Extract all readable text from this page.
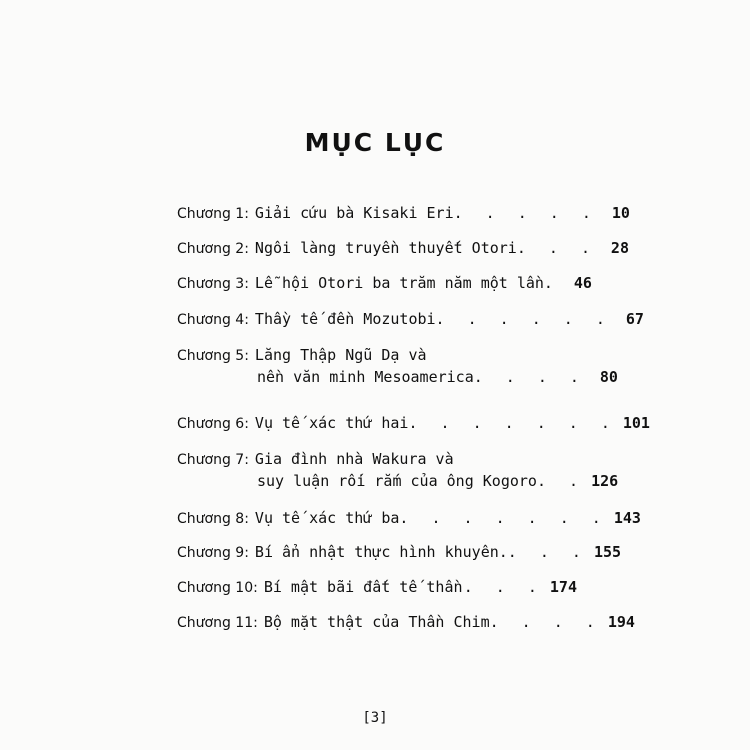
MỤC LỤC
Chương 1: Giải cứu bà Kisaki Eri . . . . . 10
Chương 2: Ngôi làng truyền thuyết Otori . . . 28
Chương 3: Lễ hội Otori ba trăm năm một lần . 46
Chương 4: Thầy tế đền Mozutobi . . . . . . 67
Chương 5: Lăng Thập Ngũ Dạ và
nền văn minh Mesoamerica . . . . 80
Chương 6: Vụ tế xác thứ hai . . . . . . . 101
Chương 7: Gia đình nhà Wakura và
suy luận rối rắm của ông Kogoro . . 126
Chương 8: Vụ tế xác thứ ba . . . . . . . 143
Chương 9: Bí ẩn nhật thực hình khuyên. . . . 155
Chương 10: Bí mật bãi đất tế thần . . . 174
Chương 11: Bộ mặt thật của Thần Chim . . . . 194
[3]
